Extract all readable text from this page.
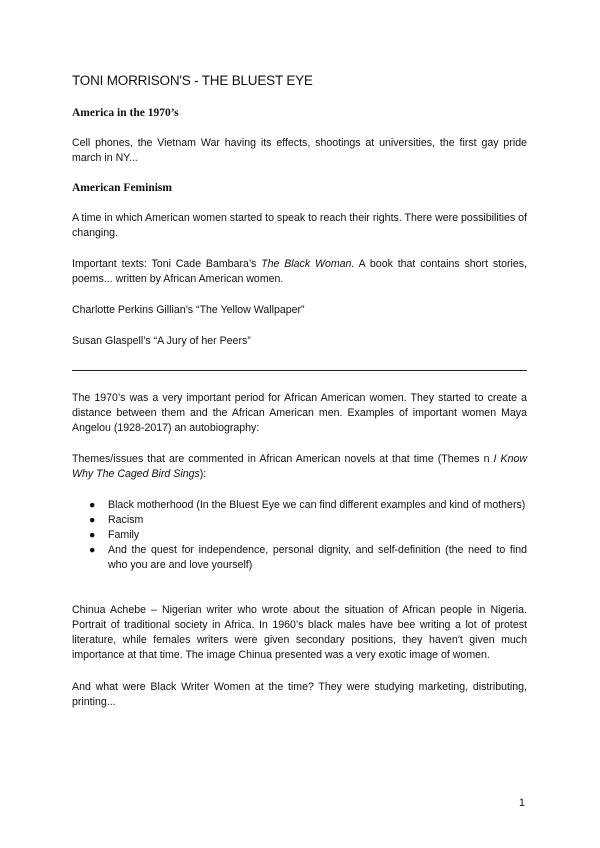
TONI MORRISON'S - THE BLUEST EYE
America in the 1970’s
Cell phones, the Vietnam War having its effects, shootings at universities, the first gay pride march in NY...
American Feminism
A time in which American women started to speak to reach their rights. There were possibilities of changing.
Important texts: Toni Cade Bambara’s The Black Woman. A book that contains short stories, poems... written by African American women.
Charlotte Perkins Gillian’s “The Yellow Wallpaper”
Susan Glaspell’s “A Jury of her Peers”
The 1970’s was a very important period for African American women. They started to create a distance between them and the African American men. Examples of important women Maya Angelou (1928-2017) an autobiography:
Themes/issues that are commented in African American novels at that time (Themes n I Know Why The Caged Bird Sings):
● Black motherhood (In the Bluest Eye we can find different examples and kind of mothers)
● Racism
● Family
● And the quest for independence, personal dignity, and self-definition (the need to find who you are and love yourself)
Chinua Achebe – Nigerian writer who wrote about the situation of African people in Nigeria. Portrait of traditional society in Africa. In 1960’s black males have bee writing a lot of protest literature, while females writers were given secondary positions, they haven't given much importance at that time. The image Chinua presented was a very exotic image of women.
And what were Black Writer Women at the time? They were studying marketing, distributing, printing...
1
